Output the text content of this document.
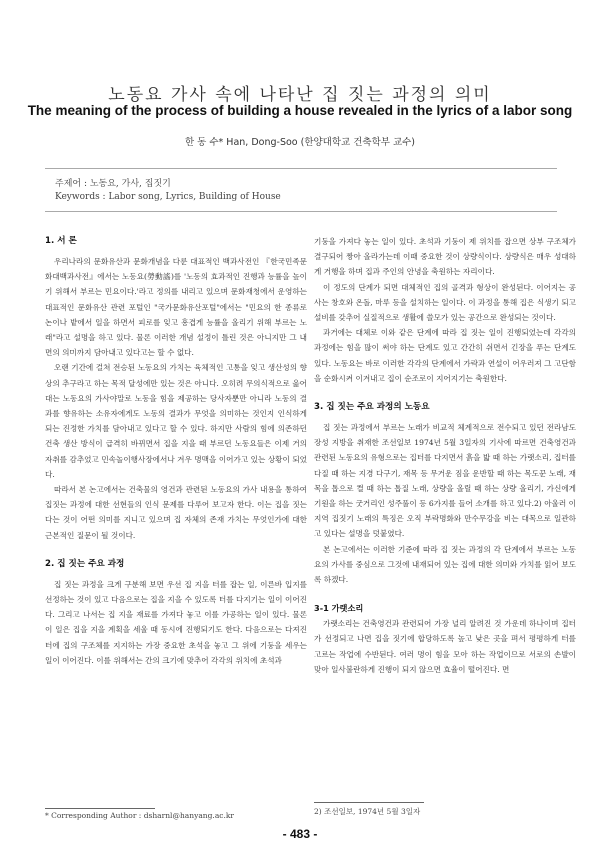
노동요 가사 속에 나타난 집 짓는 과정의 의미
The meaning of the process of building a house revealed in the lyrics of a labor song
한 동 수* Han, Dong-Soo (한양대학교 건축학부 교수)
주제어 : 노동요, 가사, 집짓기
Keywords : Labor song, Lyrics, Building of House
1. 서 론

우리나라의 문화유산과 문화개념을 다룬 대표적인 백과사전인 『한국민족문화대백과사전』에서는 노동요(勞動謠)를 '노동의 효과적인 진행과 능률을 높이기 위해서 부르는 민요이다.'라고 정의를 내리고 있으며 문화재청에서 운영하는 대표적인 문화유산 관련 포털인 "국가문화유산포털"에서는 "민요의 한 종류로 논이나 밭에서 일을 하면서 피로를 잊고 흥겹게 능률을 올리기 위해 부르는 노래"라고 설명을 하고 있다. 물론 이러한 개념 설정이 틀린 것은 아니지만 그 내면의 의미까지 담아내고 있다고는 할 수 없다.

오랜 기간에 걸쳐 전승된 노동요의 가치는 육체적인 고통을 잊고 생산성의 향상의 추구라고 하는 목적 달성에만 있는 것은 아니다. 오히려 무의식적으로 읊어대는 노동요의 가사야말로 노동을 힘을 제공하는 당사자뿐만 아니라 노동의 결과를 향유하는 소유자에게도 노동의 결과가 무엇을 의미하는 것인지 인식하게 되는 진정한 가치를 담아내고 있다고 할 수 있다. 하지만 사람의 힘에 의존하던 건축 생산 방식이 급격히 바뀌면서 집을 지을 때 부르던 노동요들은 이제 거의 자취를 감추었고 민속놀이행사장에서나 겨우 명맥을 이어가고 있는 상황이 되었다.

따라서 본 논고에서는 건축물의 영건과 관련된 노동요의 가사 내용을 통하여 집짓는 과정에 대한 선현들의 인식 문제를 다루어 보고자 한다. 이는 집을 짓는다는 것이 어떤 의미를 지니고 있으며 집 자체의 존재 가치는 무엇인가에 대한 근본적인 질문이 될 것이다.

2. 집 짓는 주요 과정

집 짓는 과정을 크게 구분해 보면 우선 집 지을 터를 잡는 일, 이른바 입지를 선정하는 것이 있고 다음으로는 집을 지을 수 있도록 터를 다지기는 일이 이어진다. 그리고 나서는 집 지을 재료를 가져다 놓고 이를 가공하는 일이 있다. 물론 이 일은 집을 지을 계획을 세울 때 동시에 진행되기도 한다. 다음으로는 다져진 터에 집의 구조체를 지지하는 가장 중요한 초석을 놓고 그 위에 기둥을 세우는 일이 이어진다. 이를 위해서는 간의 크기에 맞추어 각각의 위치에 초석과

기둥을 가져다 놓는 일이 있다. 초석과 기둥이 제 위치를 잡으면 상부 구조체가 결구되어 짱아 올라가는데 이때 중요한 것이 상량식이다. 상량식은 매우 성대하게 거행을 하며 집과 주인의 안녕을 축원하는 자리이다.

이 정도의 단계가 되면 대체적인 집의 골격과 형상이 완성된다. 이어지는 공사는 창호와 온돌, 마루 등을 설치하는 일이다. 이 과정을 통해 집은 식생기 되고 설비를 갖추어 실질적으로 생활에 쓸모가 있는 공간으로 완성되는 것이다.

과거에는 대체로 이와 같은 단계에 따라 집 짓는 일이 진행되었는데 각각의 과정에는 힘을 많이 써야 하는 단계도 있고 간간히 쉬면서 긴장을 푸는 단계도 있다. 노동요는 바로 이러한 각각의 단계에서 가락과 연설이 어우러져 그 고단함을 순화시켜 이겨내고 집이 순조로이 지어지기는 축원한다.

3. 집 짓는 주요 과정의 노동요

집 짓는 과정에서 부르는 노래가 비교적 체계적으로 전수되고 있던 전라남도 장성 지방을 취재한 조선일보 1974년 5월 3일자의 기사에 따르면 건축영건과 관련된 노동요의 유형으로는 집터를 다지면서 흙을 밟 때 하는 가랫소리, 집터를 다질 때 하는 지경 다구기, 재목 등 무거운 짐을 운반할 때 하는 목도꾼 노래, 재목을 톱으로 켤 때 하는 톱질 노래, 상량을 올릴 때 하는 상량 올리기, 가신에게 기원을 하는 굿거리인 성주풀이 등 6가지를 들어 소개를 하고 있다.2) 아울러 이 지역 집짓기 노래의 특징은 오직 부락명화와 만수무강을 비는 대목으로 일관하고 있다는 설명을 덧붙였다.

본 논고에서는 이러한 기준에 따라 집 짓는 과정의 각 단계에서 부르는 노동요의 가사를 중심으로 그것에 내재되어 있는 집에 대한 의미와 가치를 읽어 보도록 하겠다.

3-1 가랫소리

가랫소리는 건축영건과 관련되어 가장 널리 알려진 것 가운데 하나이며 집터가 선정되고 나면 집을 짓기에 합당하도록 높고 낮은 곳을 펴서 평평하게 터를 고르는 작업에 수반된다. 여러 명이 힘을 모아 하는 작업이므로 서로의 손발이 맞아 일사불란하게 진행이 되지 않으면 효율이 떨어진다. 면

* Corresponding Author : dsharnl@hanyang.ac.kr	2) 조선일보, 1974년 5월 3일자
- 483 -
